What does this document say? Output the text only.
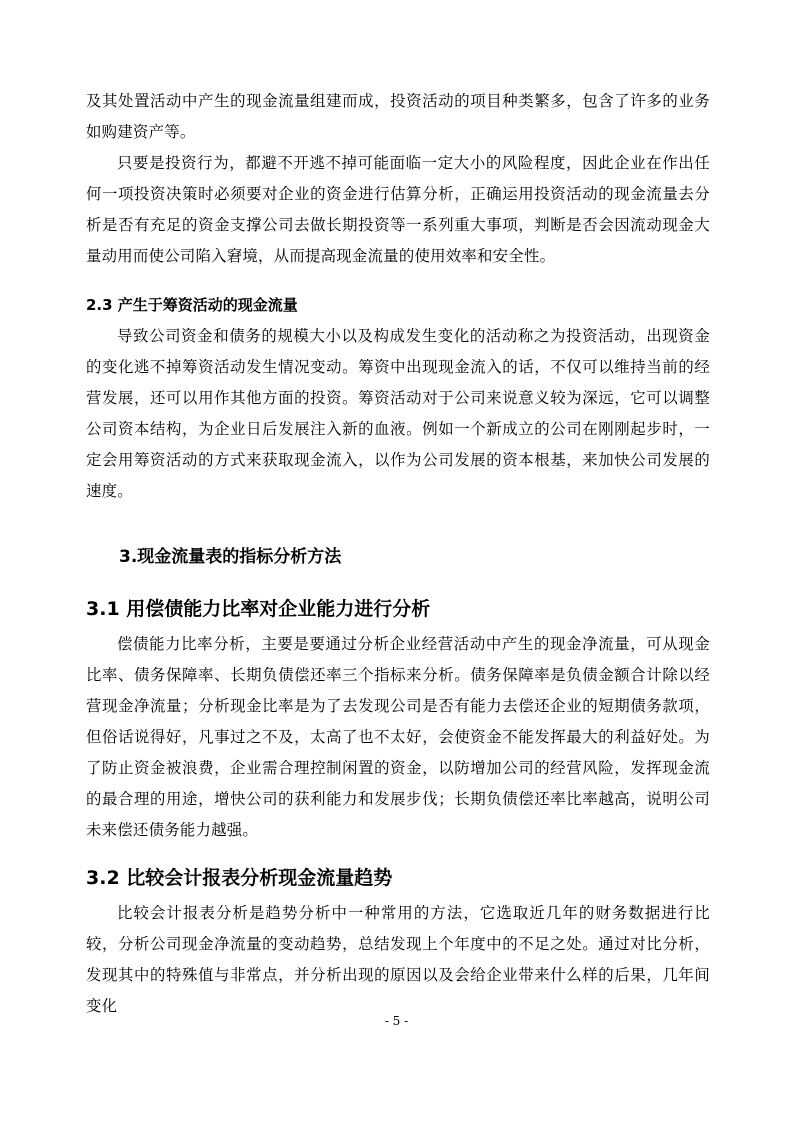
及其处置活动中产生的现金流量组建而成，投资活动的项目种类繁多，包含了许多的业务如购建资产等。

只要是投资行为，都避不开逃不掉可能面临一定大小的风险程度，因此企业在作出任何一项投资决策时必须要对企业的资金进行估算分析，正确运用投资活动的现金流量去分析是否有充足的资金支撑公司去做长期投资等一系列重大事项，判断是否会因流动现金大量动用而使公司陷入窘境，从而提高现金流量的使用效率和安全性。

2.3 产生于筹资活动的现金流量

导致公司资金和债务的规模大小以及构成发生变化的活动称之为投资活动，出现资金的变化逃不掉筹资活动发生情况变动。筹资中出现现金流入的话，不仅可以维持当前的经营发展，还可以用作其他方面的投资。筹资活动对于公司来说意义较为深远，它可以调整公司资本结构，为企业日后发展注入新的血液。例如一个新成立的公司在刚刚起步时，一定会用筹资活动的方式来获取现金流入，以作为公司发展的资本根基，来加快公司发展的速度。

3.现金流量表的指标分析方法
3.1 用偿债能力比率对企业能力进行分析

偿债能力比率分析，主要是要通过分析企业经营活动中产生的现金净流量，可从现金比率、债务保障率、长期负债偿还率三个指标来分析。债务保障率是负债金额合计除以经营现金净流量；分析现金比率是为了去发现公司是否有能力去偿还企业的短期债务款项，但俗话说得好，凡事过之不及，太高了也不太好，会使资金不能发挥最大的利益好处。为了防止资金被浪费，企业需合理控制闲置的资金，以防增加公司的经营风险，发挥现金流的最合理的用途，增快公司的获利能力和发展步伐；长期负债偿还率比率越高，说明公司未来偿还债务能力越强。

3.2 比较会计报表分析现金流量趋势

比较会计报表分析是趋势分析中一种常用的方法，它选取近几年的财务数据进行比较，分析公司现金净流量的变动趋势，总结发现上个年度中的不足之处。通过对比分析，发现其中的特殊值与非常点，并分析出现的原因以及会给企业带来什么样的后果，几年间变化

- 5 -
